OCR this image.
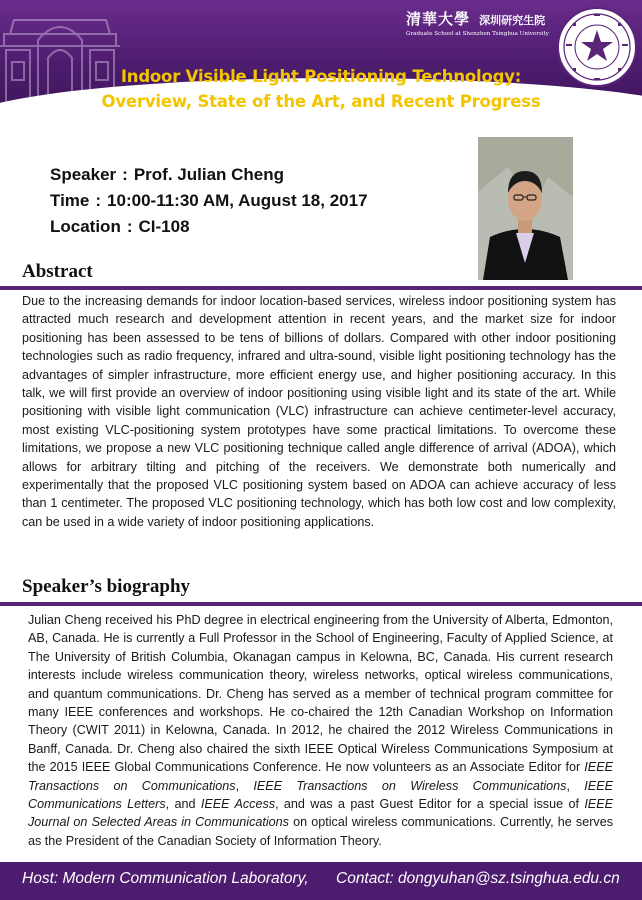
清華大學 深圳研究生院
Graduate School at Shenzhen Tsinghua University
Indoor Visible Light Positioning Technology:
Overview, State of the Art, and Recent Progress
Speaker : Prof. Julian Cheng
Time : 10:00-11:30 AM, August 18, 2017
Location : CI-108
Abstract
Due to the increasing demands for indoor location-based services, wireless indoor positioning system has attracted much research and development attention in recent years, and the market size for indoor positioning has been assessed to be tens of billions of dollars. Compared with other indoor positioning technologies such as radio frequency, infrared and ultra-sound, visible light positioning technology has the advantages of simpler infrastructure, more efficient energy use, and higher positioning accuracy. In this talk, we will first provide an overview of indoor positioning using visible light and its state of the art. While positioning with visible light communication (VLC) infrastructure can achieve centimeter-level accuracy, most existing VLC-positioning system prototypes have some practical limitations. To overcome these limitations, we propose a new VLC positioning technique called angle difference of arrival (ADOA), which allows for arbitrary tilting and pitching of the receivers. We demonstrate both numerically and experimentally that the proposed VLC positioning system based on ADOA can achieve accuracy of less than 1 centimeter. The proposed VLC positioning technology, which has both low cost and low complexity, can be used in a wide variety of indoor positioning applications.
Speaker’s biography
Julian Cheng received his PhD degree in electrical engineering from the University of Alberta, Edmonton, AB, Canada. He is currently a Full Professor in the School of Engineering, Faculty of Applied Science, at The University of British Columbia, Okanagan campus in Kelowna, BC, Canada. His current research interests include wireless communication theory, wireless networks, optical wireless communications, and quantum communications. Dr. Cheng has served as a member of technical program committee for many IEEE conferences and workshops. He co-chaired the 12th Canadian Workshop on Information Theory (CWIT 2011) in Kelowna, Canada. In 2012, he chaired the 2012 Wireless Communications in Banff, Canada. Dr. Cheng also chaired the sixth IEEE Optical Wireless Communications Symposium at the 2015 IEEE Global Communications Conference. He now volunteers as an Associate Editor for IEEE Transactions on Communications, IEEE Transactions on Wireless Communications, IEEE Communications Letters, and IEEE Access, and was a past Guest Editor for a special issue of IEEE Journal on Selected Areas in Communications on optical wireless communications. Currently, he serves as the President of the Canadian Society of Information Theory.
Host: Modern Communication Laboratory, Contact: dongyuhan@sz.tsinghua.edu.cn
